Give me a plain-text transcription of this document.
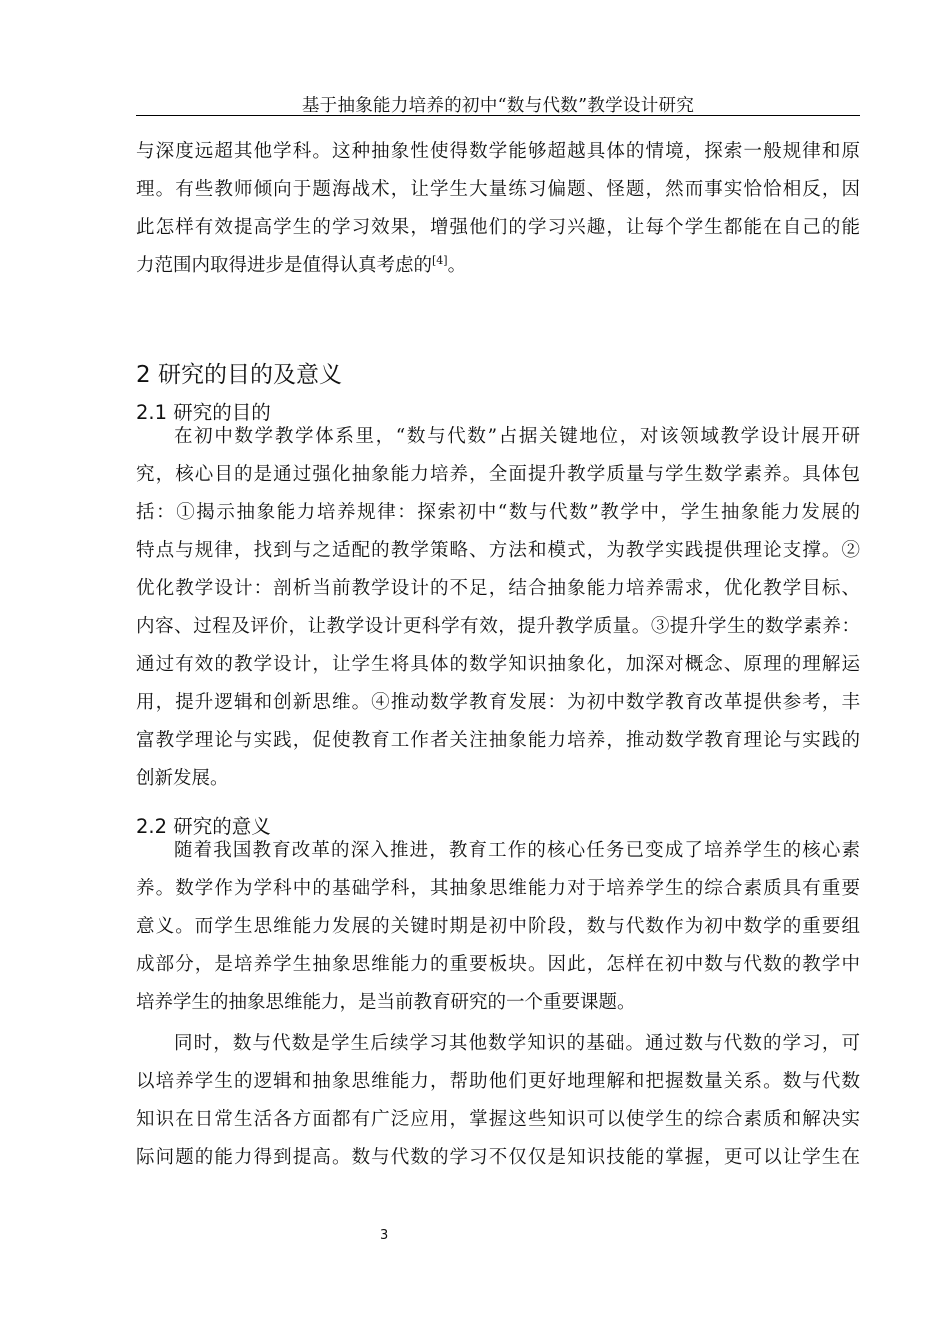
基于抽象能力培养的初中“数与代数”教学设计研究
与深度远超其他学科。这种抽象性使得数学能够超越具体的情境，探索一般规律和原
理。有些教师倾向于题海战术，让学生大量练习偏题、怪题，然而事实恰恰相反，因
此怎样有效提高学生的学习效果，增强他们的学习兴趣，让每个学生都能在自己的能
力范围内取得进步是值得认真考虑的[4]。
2 研究的目的及意义
2.1 研究的目的
在初中数学教学体系里，“数与代数”占据关键地位，对该领域教学设计展开研
究，核心目的是通过强化抽象能力培养，全面提升教学质量与学生数学素养。具体包
括：①揭示抽象能力培养规律：探索初中“数与代数”教学中，学生抽象能力发展的
特点与规律，找到与之适配的教学策略、方法和模式，为教学实践提供理论支撑。②
优化教学设计：剖析当前教学设计的不足，结合抽象能力培养需求，优化教学目标、
内容、过程及评价，让教学设计更科学有效，提升教学质量。③提升学生的数学素养：
通过有效的教学设计，让学生将具体的数学知识抽象化，加深对概念、原理的理解运
用，提升逻辑和创新思维。④推动数学教育发展：为初中数学教育改革提供参考，丰
富教学理论与实践，促使教育工作者关注抽象能力培养，推动数学教育理论与实践的
创新发展。
2.2 研究的意义
随着我国教育改革的深入推进，教育工作的核心任务已变成了培养学生的核心素
养。数学作为学科中的基础学科，其抽象思维能力对于培养学生的综合素质具有重要
意义。而学生思维能力发展的关键时期是初中阶段，数与代数作为初中数学的重要组
成部分，是培养学生抽象思维能力的重要板块。因此，怎样在初中数与代数的教学中
培养学生的抽象思维能力，是当前教育研究的一个重要课题。
同时，数与代数是学生后续学习其他数学知识的基础。通过数与代数的学习，可
以培养学生的逻辑和抽象思维能力，帮助他们更好地理解和把握数量关系。数与代数
知识在日常生活各方面都有广泛应用，掌握这些知识可以使学生的综合素质和解决实
际问题的能力得到提高。数与代数的学习不仅仅是知识技能的掌握，更可以让学生在
3
